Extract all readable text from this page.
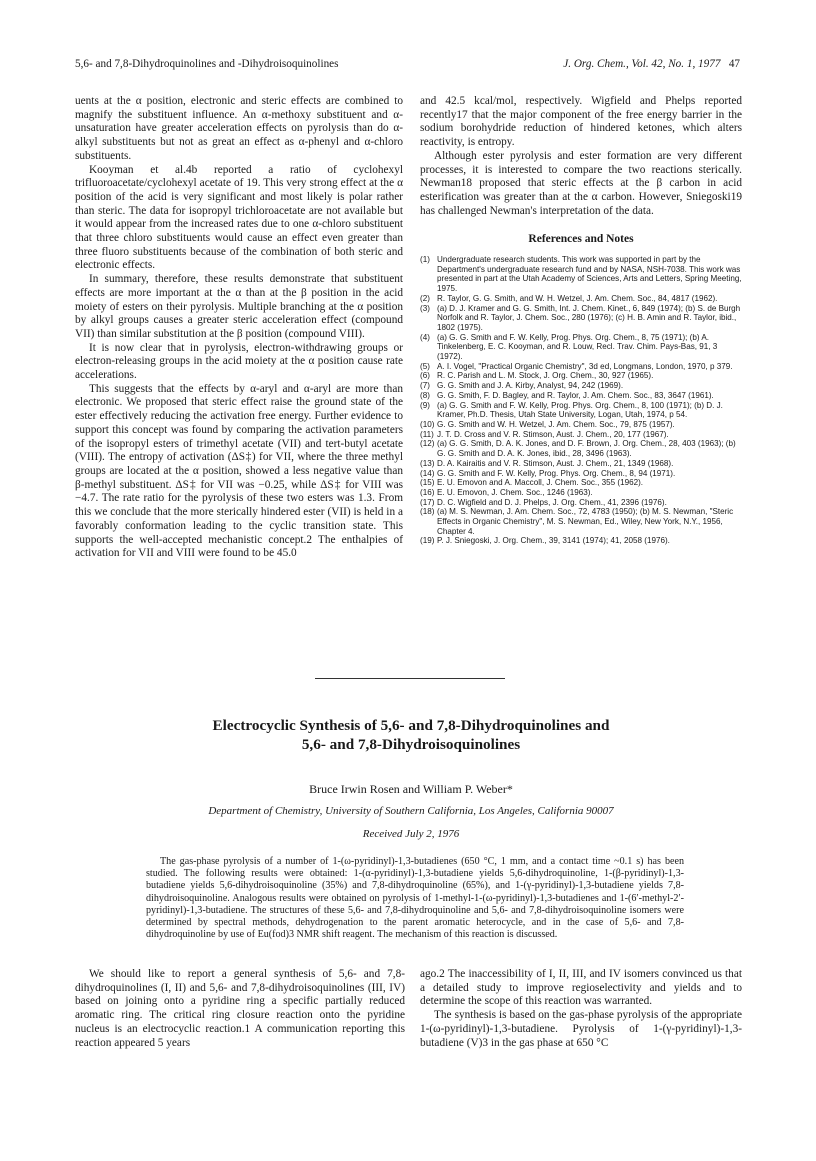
5,6- and 7,8-Dihydroquinolines and -Dihydroisoquinolines	J. Org. Chem., Vol. 42, No. 1, 1977 47

uents at the α position, electronic and steric effects are combined to magnify the substituent influence. An α-methoxy substituent and α-unsaturation have greater acceleration effects on pyrolysis than do α-alkyl substituents but not as great an effect as α-phenyl and α-chloro substituents.

Kooyman et al.4b reported a ratio of cyclohexyl trifluoroacetate/cyclohexyl acetate of 19. This very strong effect at the α position of the acid is very significant and most likely is polar rather than steric. The data for isopropyl trichloroacetate are not available but it would appear from the increased rates due to one α-chloro substituent that three chloro substituents would cause an effect even greater than three fluoro substituents because of the combination of both steric and electronic effects.

In summary, therefore, these results demonstrate that substituent effects are more important at the α than at the β position in the acid moiety of esters on their pyrolysis. Multiple branching at the α position by alkyl groups causes a greater steric acceleration effect (compound VII) than similar substitution at the β position (compound VIII).

It is now clear that in pyrolysis, electron-withdrawing groups or electron-releasing groups in the acid moiety at the α position cause rate accelerations.

This suggests that the effects by α-aryl and α-aryl are more than electronic. We proposed that steric effect raise the ground state of the ester effectively reducing the activation free energy. Further evidence to support this concept was found by comparing the activation parameters of the isopropyl esters of trimethyl acetate (VII) and tert-butyl acetate (VIII). The entropy of activation (ΔS‡) for VII, where the three methyl groups are located at the α position, showed a less negative value than β-methyl substituent. ΔS‡ for VII was −0.25, while ΔS‡ for VIII was −4.7. The rate ratio for the pyrolysis of these two esters was 1.3. From this we conclude that the more sterically hindered ester (VII) is held in a favorably conformation leading to the cyclic transition state. This supports the well-accepted mechanistic concept.2 The enthalpies of activation for VII and VIII were found to be 45.0

and 42.5 kcal/mol, respectively. Wigfield and Phelps reported recently17 that the major component of the free energy barrier in the sodium borohydride reduction of hindered ketones, which alters reactivity, is entropy.

Although ester pyrolysis and ester formation are very different processes, it is interested to compare the two reactions sterically. Newman18 proposed that steric effects at the β carbon in acid esterification was greater than at the α carbon. However, Sniegoski19 has challenged Newman's interpretation of the data.

References and Notes
(1) Undergraduate research students. This work was supported in part by the Department's undergraduate research fund and by NASA, NSH-7038. This work was presented in part at the Utah Academy of Sciences, Arts and Letters, Spring Meeting, 1975.
(2) R. Taylor, G. G. Smith, and W. H. Wetzel, J. Am. Chem. Soc., 84, 4817 (1962).
(3) (a) D. J. Kramer and G. G. Smith, Int. J. Chem. Kinet., 6, 849 (1974); (b) S. de Burgh Norfolk and R. Taylor, J. Chem. Soc., 280 (1976); (c) H. B. Amin and R. Taylor, ibid., 1802 (1975).
(4) (a) G. G. Smith and F. W. Kelly, Prog. Phys. Org. Chem., 8, 75 (1971); (b) A. Tinkelenberg, E. C. Kooyman, and R. Louw, Recl. Trav. Chim. Pays-Bas, 91, 3 (1972).
(5) A. I. Vogel, "Practical Organic Chemistry", 3d ed, Longmans, London, 1970, p 379.
(6) R. C. Parish and L. M. Stock, J. Org. Chem., 30, 927 (1965).
(7) G. G. Smith and J. A. Kirby, Analyst, 94, 242 (1969).
(8) G. G. Smith, F. D. Bagley, and R. Taylor, J. Am. Chem. Soc., 83, 3647 (1961).
(9) (a) G. G. Smith and F. W. Kelly, Prog. Phys. Org. Chem., 8, 100 (1971); (b) D. J. Kramer, Ph.D. Thesis, Utah State University, Logan, Utah, 1974, p 54.
(10) G. G. Smith and W. H. Wetzel, J. Am. Chem. Soc., 79, 875 (1957).
(11) J. T. D. Cross and V. R. Stimson, Aust. J. Chem., 20, 177 (1967).
(12) (a) G. G. Smith, D. A. K. Jones, and D. F. Brown, J. Org. Chem., 28, 403 (1963); (b) G. G. Smith and D. A. K. Jones, ibid., 28, 3496 (1963).
(13) D. A. Kairaitis and V. R. Stimson, Aust. J. Chem., 21, 1349 (1968).
(14) G. G. Smith and F. W. Kelly, Prog. Phys. Org. Chem., 8, 94 (1971).
(15) E. U. Emovon and A. Maccoll, J. Chem. Soc., 355 (1962).
(16) E. U. Emovon, J. Chem. Soc., 1246 (1963).
(17) D. C. Wigfield and D. J. Phelps, J. Org. Chem., 41, 2396 (1976).
(18) (a) M. S. Newman, J. Am. Chem. Soc., 72, 4783 (1950); (b) M. S. Newman, "Steric Effects in Organic Chemistry", M. S. Newman, Ed., Wiley, New York, N.Y., 1956, Chapter 4.
(19) P. J. Sniegoski, J. Org. Chem., 39, 3141 (1974); 41, 2058 (1976).
Electrocyclic Synthesis of 5,6- and 7,8-Dihydroquinolines and
5,6- and 7,8-Dihydroisoquinolines
Bruce Irwin Rosen and William P. Weber*
Department of Chemistry, University of Southern California, Los Angeles, California 90007
Received July 2, 1976
The gas-phase pyrolysis of a number of 1-(ω-pyridinyl)-1,3-butadienes (650 °C, 1 mm, and a contact time ~0.1 s) has been studied. The following results were obtained: 1-(α-pyridinyl)-1,3-butadiene yields 5,6-dihydroquinoline, 1-(β-pyridinyl)-1,3-butadiene yields 5,6-dihydroisoquinoline (35%) and 7,8-dihydroquinoline (65%), and 1-(γ-pyridinyl)-1,3-butadiene yields 7,8-dihydroisoquinoline. Analogous results were obtained on pyrolysis of 1-methyl-1-(ω-pyridinyl)-1,3-butadienes and 1-(6′-methyl-2′-pyridinyl)-1,3-butadiene. The structures of these 5,6- and 7,8-dihydroquinoline and 5,6- and 7,8-dihydroisoquinoline isomers were determined by spectral methods, dehydrogenation to the parent aromatic heterocycle, and in the case of 5,6- and 7,8-dihydroquinoline by use of Eu(fod)3 NMR shift reagent. The mechanism of this reaction is discussed.

We should like to report a general synthesis of 5,6- and 7,8-dihydroquinolines (I, II) and 5,6- and 7,8-dihydroisoquinolines (III, IV) based on joining onto a pyridine ring a specific partially reduced aromatic ring. The critical ring closure reaction onto the pyridine nucleus is an electrocyclic reaction.1 A communication reporting this reaction appeared 5 years

ago.2 The inaccessibility of I, II, III, and IV isomers convinced us that a detailed study to improve regioselectivity and yields and to determine the scope of this reaction was warranted.

The synthesis is based on the gas-phase pyrolysis of the appropriate 1-(ω-pyridinyl)-1,3-butadiene. Pyrolysis of 1-(γ-pyridinyl)-1,3-butadiene (V)3 in the gas phase at 650 °C
